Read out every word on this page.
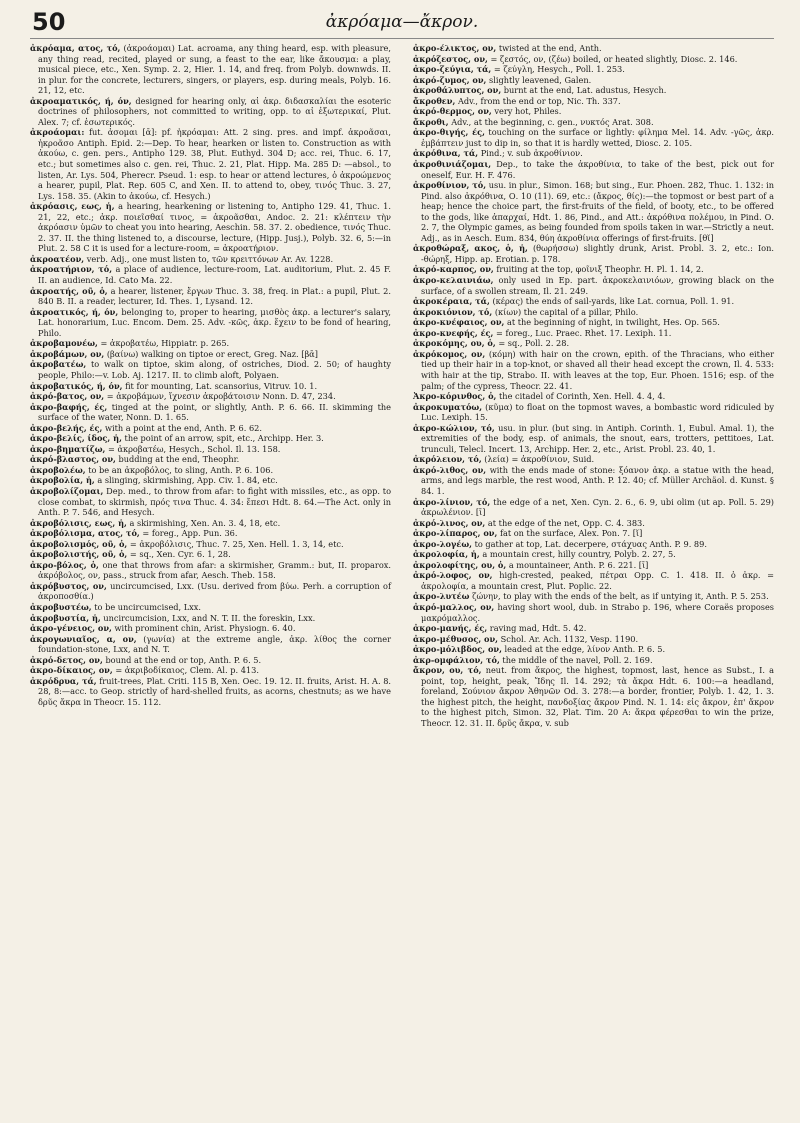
50	ἀκρόαμα—ἄκρον.

ἀκρόαμα, ατος, τό, (ἀκροάομαι) Lat. acroama, any thing heard, esp. with pleasure, any thing read, recited, played or sung, a feast to the ear, like ἄκουσμα: a play, musical piece, etc., Xen. Symp. 2. 2, Hier. 1. 14, and freq. from Polyb. downwds. II. in plur. for the concrete, lecturers, singers, or players, esp. during meals, Polyb. 16. 21, 12, etc.

ἀκροαματικός, ή, όν, designed for hearing only, αἱ ἀκρ. διδασκαλίαι the esoteric doctrines of philosophers, not committed to writing, opp. to αἱ ἐξωτερικαί, Plut. Alex. 7; cf. ἐσωτερικός.

ἀκροάομαι: fut. ἀσομαι [ᾱ]: pf. ἠκρόαμαι: Att. 2 sing. pres. and impf. ἀκροᾶσαι, ἠκροᾶσο Antiph. Epid. 2:—Dep. To hear, hearken or listen to. Construction as with ἀκούω, c. gen. pers., Antipho 129. 38, Plut. Euthyd. 304 D; acc. rei, Thuc. 6. 17, etc.; but sometimes also c. gen. rei, Thuc. 2. 21, Plat. Hipp. Ma. 285 D: —absol., to listen, Ar. Lys. 504, Pherecr. Pseud. 1: esp. to hear or attend lectures, ὁ ἀκροώμενος a hearer, pupil, Plat. Rep. 605 C, and Xen. II. to attend to, obey, τινός Thuc. 3. 27, Lys. 158. 35. (Akin to ἀκούω, cf. Hesych.)

ἀκρόασις, εως, ἡ, a hearing, hearkening or listening to, Antipho 129. 41, Thuc. 1. 21, 22, etc.; ἀκρ. ποιεῖσθαί τινος, = ἀκροᾶσθαι, Andoc. 2. 21: κλέπτειν τὴν ἀκρόασιν ὑμῶν to cheat you into hearing, Aeschin. 58. 37. 2. obedience, τινός Thuc. 2. 37. II. the thing listened to, a discourse, lecture, (Hipp. Jusj.), Polyb. 32. 6, 5:—in Plut. 2. 58 C it is used for a lecture-room, = ἀκροατήριον.

ἀκροατέον, verb. Adj., one must listen to, τῶν κρειττόνων Ar. Av. 1228.

ἀκροατήριον, τό, a place of audience, lecture-room, Lat. auditorium, Plut. 2. 45 F. II. an audience, Id. Cato Ma. 22.

ἀκροατής, οῦ, ὁ, a hearer, listener, ἔργων Thuc. 3. 38, freq. in Plat.: a pupil, Plut. 2. 840 B. II. a reader, lecturer, Id. Thes. 1, Lysand. 12.

ἀκροατικός, ή, όν, belonging to, proper to hearing, μισθὸς ἀκρ. a lecturer's salary, Lat. honorarium, Luc. Encom. Dem. 25. Adv. -κῶς, ἀκρ. ἔχειν to be fond of hearing, Philo.

ἀκροβαμονέω, = ἀκροβατέω, Hippiatr. p. 265.

ἀκροβάμων, ον, (βαίνω) walking on tiptoe or erect, Greg. Naz. [βᾱ]

ἀκροβατέω, to walk on tiptoe, skim along, of ostriches, Diod. 2. 50; of haughty people, Philo:—v. Lob. Aj. 1217. II. to climb aloft, Polyaen.

ἀκροβατικός, ή, όν, fit for mounting, Lat. scansorius, Vitruv. 10. 1.

ἀκρό-βατος, ον, = ἀκροβάμων, ἴχνεσιν ἀκροβάτοισιν Nonn. D. 47, 234.

ἀκρο-βαφής, ές, tinged at the point, or slightly, Anth. P. 6. 66. II. skimming the surface of the water, Nonn. D. 1. 65.

ἀκρο-βελής, ές, with a point at the end, Anth. P. 6. 62.

ἀκρο-βελίς, ίδος, ἡ, the point of an arrow, spit, etc., Archipp. Her. 3.

ἀκρο-βηματίζω, = ἀκροβατέω, Hesych., Schol. Il. 13. 158.

ἀκρό-βλαστος, ον, budding at the end, Theophr.

ἀκροβολέω, to be an ἀκροβόλος, to sling, Anth. P. 6. 106.

ἀκροβολία, ἡ, a slinging, skirmishing, App. Civ. 1. 84, etc.

ἀκροβολίζομαι, Dep. med., to throw from afar: to fight with missiles, etc., as opp. to close combat, to skirmish, πρός τινα Thuc. 4. 34: ἔπεσι Hdt. 8. 64.—The Act. only in Anth. P. 7. 546, and Hesych.

ἀκροβόλισις, εως, ἡ, a skirmishing, Xen. An. 3. 4, 18, etc.

ἀκροβόλισμα, ατος, τό, = foreg., App. Pun. 36.

ἀκροβολισμός, οῦ, ὁ, = ἀκροβόλισις, Thuc. 7. 25, Xen. Hell. 1. 3, 14, etc.

ἀκροβολιστής, οῦ, ὁ, = sq., Xen. Cyr. 6. 1, 28.

ἀκρο-βόλος, ὁ, one that throws from afar: a skirmisher, Gramm.: but, II. proparox. ἀκρόβολος, ον, pass., struck from afar, Aesch. Theb. 158.

ἀκρόβυστος, ον, uncircumcised, Lxx. (Usu. derived from βύω. Perh. a corruption of ἀκροποσθία.)

ἀκροβυστέω, to be uncircumcised, Lxx.

ἀκροβυστία, ἡ, uncircumcision, Lxx, and N. T. II. the foreskin, Lxx.

ἀκρο-γένειος, ον, with prominent chin, Arist. Physiogn. 6. 40.

ἀκρογωνιαῖος, α, ον, (γωνία) at the extreme angle, ἀκρ. λίθος the corner foundation-stone, Lxx, and N. T.

ἀκρό-δετος, ον, bound at the end or top, Anth. P. 6. 5.

ἀκρο-δίκαιος, ον, = ἀκριβοδίκαιος, Clem. Al. p. 413.

ἀκρόδρυα, τά, fruit-trees, Plat. Criti. 115 B, Xen. Oec. 19. 12. II. fruits, Arist. H. A. 8. 28, 8:—acc. to Geop. strictly of hard-shelled fruits, as acorns, chestnuts; as we have δρῦς ἄκρα in Theocr. 15. 112.

ἀκρο-έλικτος, ον, twisted at the end, Anth.

ἀκρόζεστος, ον, = ζεστός, ον, (ζέω) boiled, or heated slightly, Diosc. 2. 146.

ἀκρο-ζεύγια, τά, = ζεύγλη, Hesych., Poll. 1. 253.

ἀκρό-ζυμος, ον, slightly leavened, Galen.

ἀκροθάλυπτος, ον, burnt at the end, Lat. adustus, Hesych.

ἄκροθεν, Adv., from the end or top, Nic. Th. 337.

ἀκρό-θερμος, ον, very hot, Philes.

ἄκροθι, Adv., at the beginning, c. gen., νυκτός Arat. 308.

ἀκρο-θιγής, ές, touching on the surface or lightly: φίλημα Mel. 14. Adv. -γῶς, ἀκρ. ἐμβάπτειν just to dip in, so that it is hardly wetted, Diosc. 2. 105.

ἀκρόθινα, τά, Pind.; v. sub ἀκροθίνιον.

ἀκροθινιάζομαι, Dep., to take the ἀκροθίνια, to take of the best, pick out for oneself, Eur. H. F. 476.

ἀκροθίνιον, τό, usu. in plur., Simon. 168; but sing., Eur. Phoen. 282, Thuc. 1. 132: in Pind. also ἀκρόθινα, Ο. 10 (11). 69, etc.: (ἄκρος, θίς):—the topmost or best part of a heap; hence the choice part, the first-fruits of the field, of booty, etc., to be offered to the gods, like ἀπαρχαί, Hdt. 1. 86, Pind., and Att.: ἀκρόθινα πολέμου, in Pind. Ο. 2. 7, the Olympic games, as being founded from spoils taken in war.—Strictly a neut. Adj., as in Aesch. Eum. 834, θύη ἀκροθίνια offerings of first-fruits. [θῐ]

ἀκροθώραξ, ακος, ὁ, ἡ, (θωρήσσω) slightly drunk, Arist. Probl. 3. 2, etc.: Ion. -θώρηξ, Hipp. ap. Erotian. p. 178.

ἀκρό-καρπος, ον, fruiting at the top, φοῖνιξ Theophr. H. Pl. 1. 14, 2.

ἀκρο-κελαινιάω, only used in Ep. part. ἀκροκελαινιόων, growing black on the surface, of a swollen stream, Il. 21. 249.

ἀκροκέραια, τά, (κέρας) the ends of sail-yards, like Lat. cornua, Poll. 1. 91.

ἀκροκιόνιον, τό, (κίων) the capital of a pillar, Philo.

ἀκρο-κνέφαιος, ον, at the beginning of night, in twilight, Hes. Op. 565.

ἀκρο-κνεφής, ές, = foreg., Luc. Praec. Rhet. 17. Lexiph. 11.

ἀκροκόμης, ου, ὁ, = sq., Poll. 2. 28.

ἀκρόκομος, ον, (κόμη) with hair on the crown, epith. of the Thracians, who either tied up their hair in a top-knot, or shaved all their head except the crown, Il. 4. 533: with hair at the tip, Strabo. II. with leaves at the top, Eur. Phoen. 1516; esp. of the palm; of the cypress, Theocr. 22. 41.

Ἀκρο-κόρινθος, ὁ, the citadel of Corinth, Xen. Hell. 4. 4, 4.

ἀκροκυματόω, (κῦμα) to float on the topmost waves, a bombastic word ridiculed by Luc. Lexiph. 15.

ἀκρο-κώλιον, τό, usu. in plur. (but sing. in Antiph. Corinth. 1, Eubul. Amal. 1), the extremities of the body, esp. of animals, the snout, ears, trotters, pettitoes, Lat. trunculi, Telecl. Incert. 13, Archipp. Her. 2, etc., Arist. Probl. 23. 40, 1.

ἀκρόλειον, τό, (λεία) = ἀκροθίνιον, Suid.

ἀκρό-λιθος, ον, with the ends made of stone: ξόανον ἀκρ. a statue with the head, arms, and legs marble, the rest wood, Anth. P. 12. 40; cf. Müller Archäol. d. Kunst. § 84. 1.

ἀκρο-λίνιον, τό, the edge of a net, Xen. Cyn. 2. 6., 6. 9, ubi olim (ut ap. Poll. 5. 29) ἀκρωλένιον. [ῑ]

ἀκρό-λινος, ον, at the edge of the net, Opp. C. 4. 383.

ἀκρο-λίπαρος, ον, fat on the surface, Alex. Pon. 7. [ῐ]

ἀκρο-λογέω, to gather at top, Lat. decerpere, στάχυας Anth. P. 9. 89.

ἀκρολοφία, ἡ, a mountain crest, hilly country, Polyb. 2. 27, 5.

ἀκρολοφίτης, ου, ὁ, a mountaineer, Anth. P. 6. 221. [ῑ]

ἀκρό-λοφος, ον, high-crested, peaked, πέτραι Opp. C. 1. 418. II. ὁ ἀκρ. = ἀκρολοφία, a mountain crest, Plut. Poplic. 22.

ἀκρο-λυτέω ζώνην, to play with the ends of the belt, as if untying it, Anth. P. 5. 253.

ἀκρό-μαλλος, ον, having short wool, dub. in Strabo p. 196, where Coraës proposes μακρόμαλλος.

ἀκρο-μανής, ές, raving mad, Hdt. 5. 42.

ἀκρο-μέθυσος, ον, Schol. Ar. Ach. 1132, Vesp. 1190.

ἀκρο-μόλιβδος, ον, leaded at the edge, λίνον Anth. P. 6. 5.

ἀκρ-ομφάλιον, τό, the middle of the navel, Poll. 2. 169.

ἄκρον, ου, τό, neut. from ἄκρος, the highest, topmost, last, hence as Subst., I. a point, top, height, peak, Ἴδης Il. 14. 292; τὰ ἄκρα Hdt. 6. 100:—a headland, foreland, Σούνιον ἄκρον Ἀθηνῶν Od. 3. 278:—a border, frontier, Polyb. 1. 42, 1. 3. the highest pitch, the height, πανδοξίας ἄκρον Pind. N. 1. 14: εἰς ἄκρον, ἐπ' ἄκρον to the highest pitch, Simon. 32, Plat. Tim. 20 A: ἄκρα φέρεσθαι to win the prize, Theocr. 12. 31. II. δρῦς ἄκρα, v. sub
